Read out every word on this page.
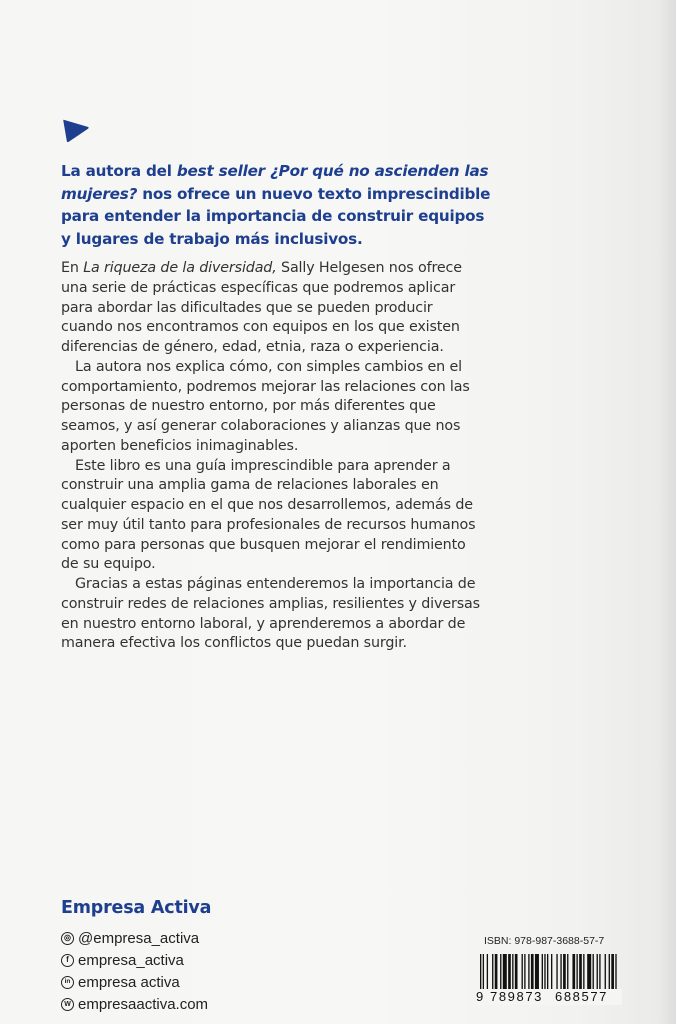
La autora del best seller ¿Por qué no ascienden las mujeres? nos ofrece un nuevo texto imprescindible para entender la importancia de construir equipos y lugares de trabajo más inclusivos.

En La riqueza de la diversidad, Sally Helgesen nos ofrece una serie de prácticas específicas que podremos aplicar para abordar las dificultades que se pueden producir cuando nos encontramos con equipos en los que existen diferencias de género, edad, etnia, raza o experiencia.

La autora nos explica cómo, con simples cambios en el comportamiento, podremos mejorar las relaciones con las personas de nuestro entorno, por más diferentes que seamos, y así generar colaboraciones y alianzas que nos aporten beneficios inimaginables.

Este libro es una guía imprescindible para aprender a construir una amplia gama de relaciones laborales en cualquier espacio en el que nos desarrollemos, además de ser muy útil tanto para profesionales de recursos humanos como para personas que busquen mejorar el rendimiento de su equipo.

Gracias a estas páginas entenderemos la importancia de construir redes de relaciones amplias, resilientes y diversas en nuestro entorno laboral, y aprenderemos a abordar de manera efectiva los conflictos que puedan surgir.

Empresa Activa
◎ @empresa_activa
f empresa_activa
in empresa activa
W empresaactiva.com
ISBN: 978-987-3688-57-7
9 789873 688577
